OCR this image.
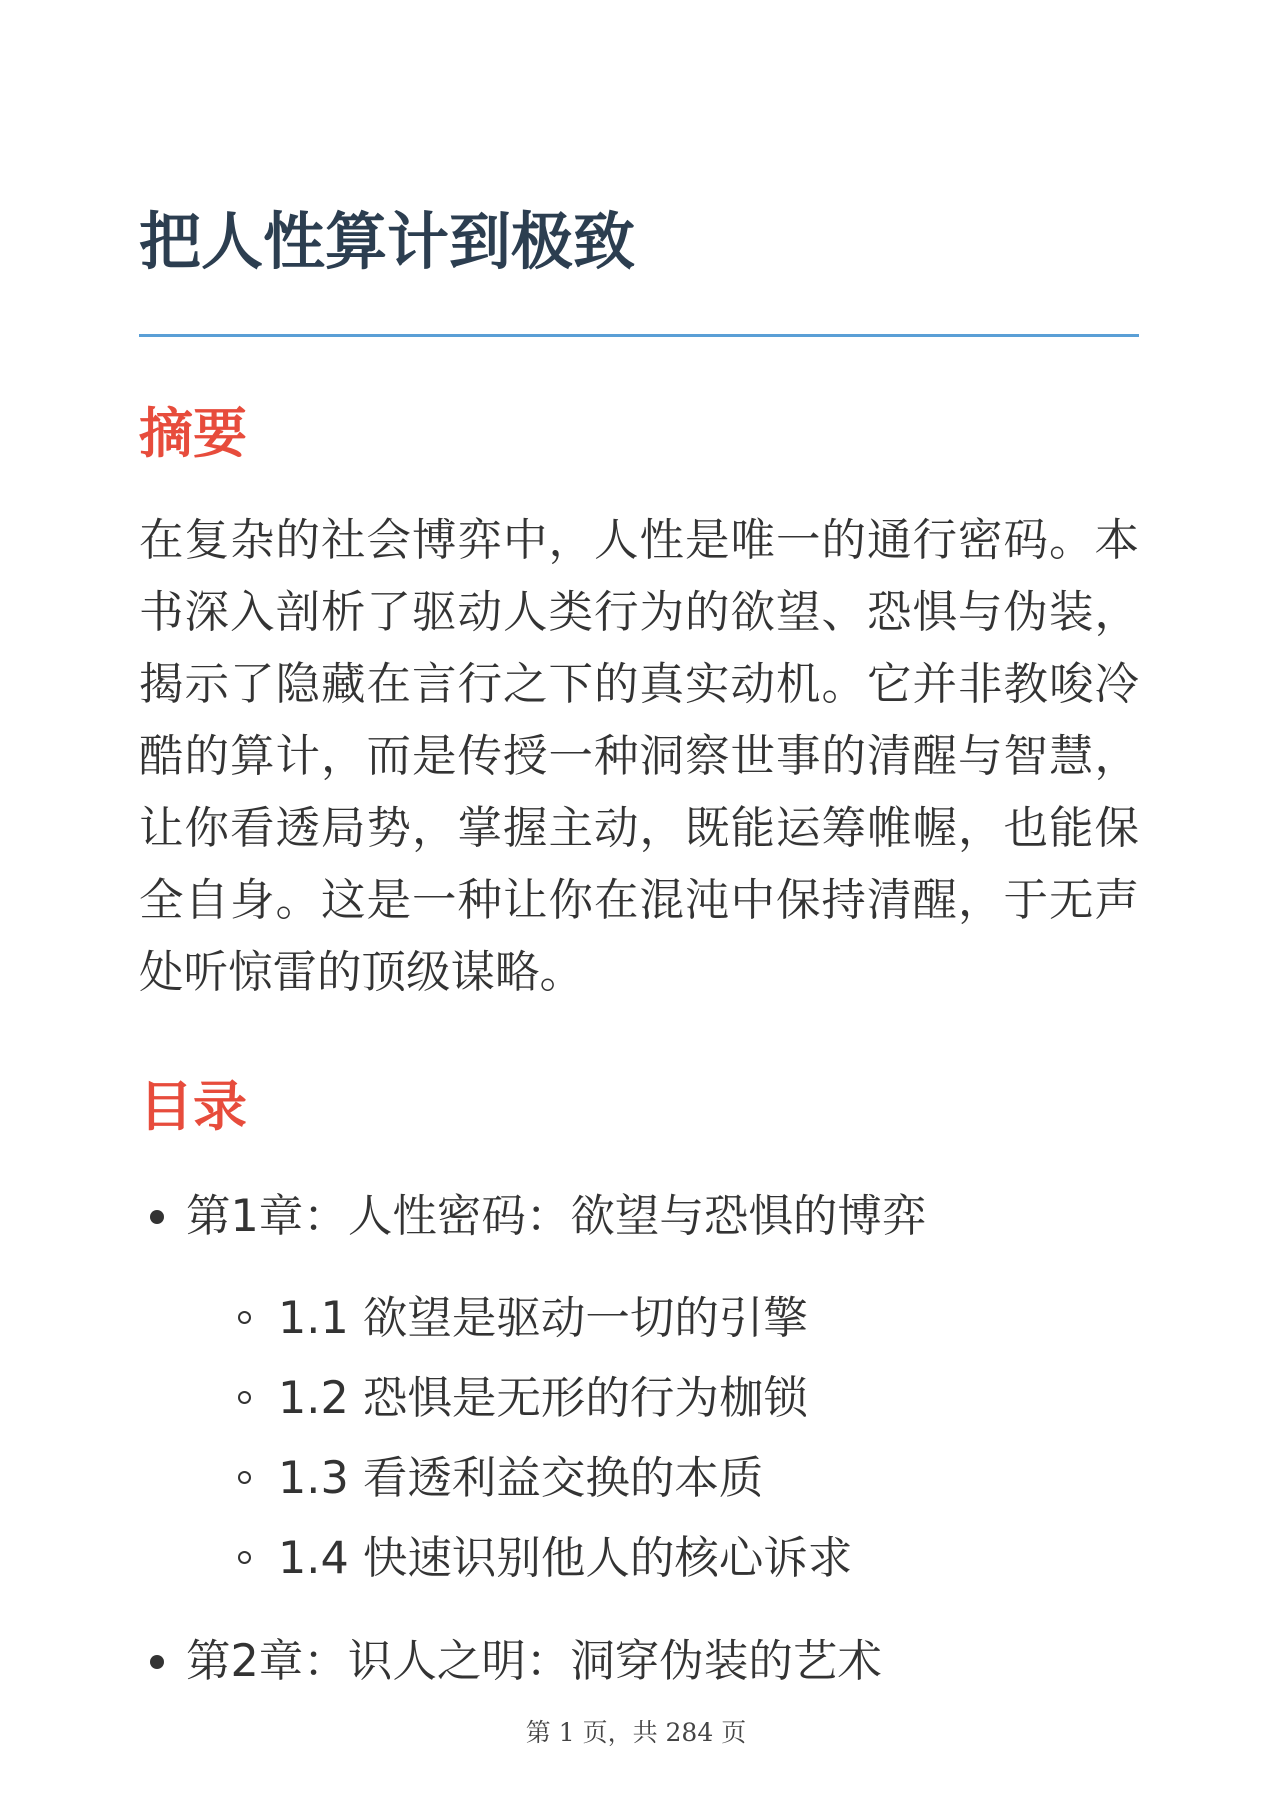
把人性算计到极致
摘要

在复杂的社会博弈中，人性是唯一的通行密码。本书深入剖析了驱动人类行为的欲望、恐惧与伪装，揭示了隐藏在言行之下的真实动机。它并非教唆冷酷的算计，而是传授一种洞察世事的清醒与智慧，让你看透局势，掌握主动，既能运筹帷幄，也能保全自身。这是一种让你在混沌中保持清醒，于无声处听惊雷的顶级谋略。

目录
第1章：人性密码：欲望与恐惧的博弈
1.1 欲望是驱动一切的引擎
1.2 恐惧是无形的行为枷锁
1.3 看透利益交换的本质
1.4 快速识别他人的核心诉求
第2章：识人之明：洞穿伪装的艺术
第 1 页，共 284 页
